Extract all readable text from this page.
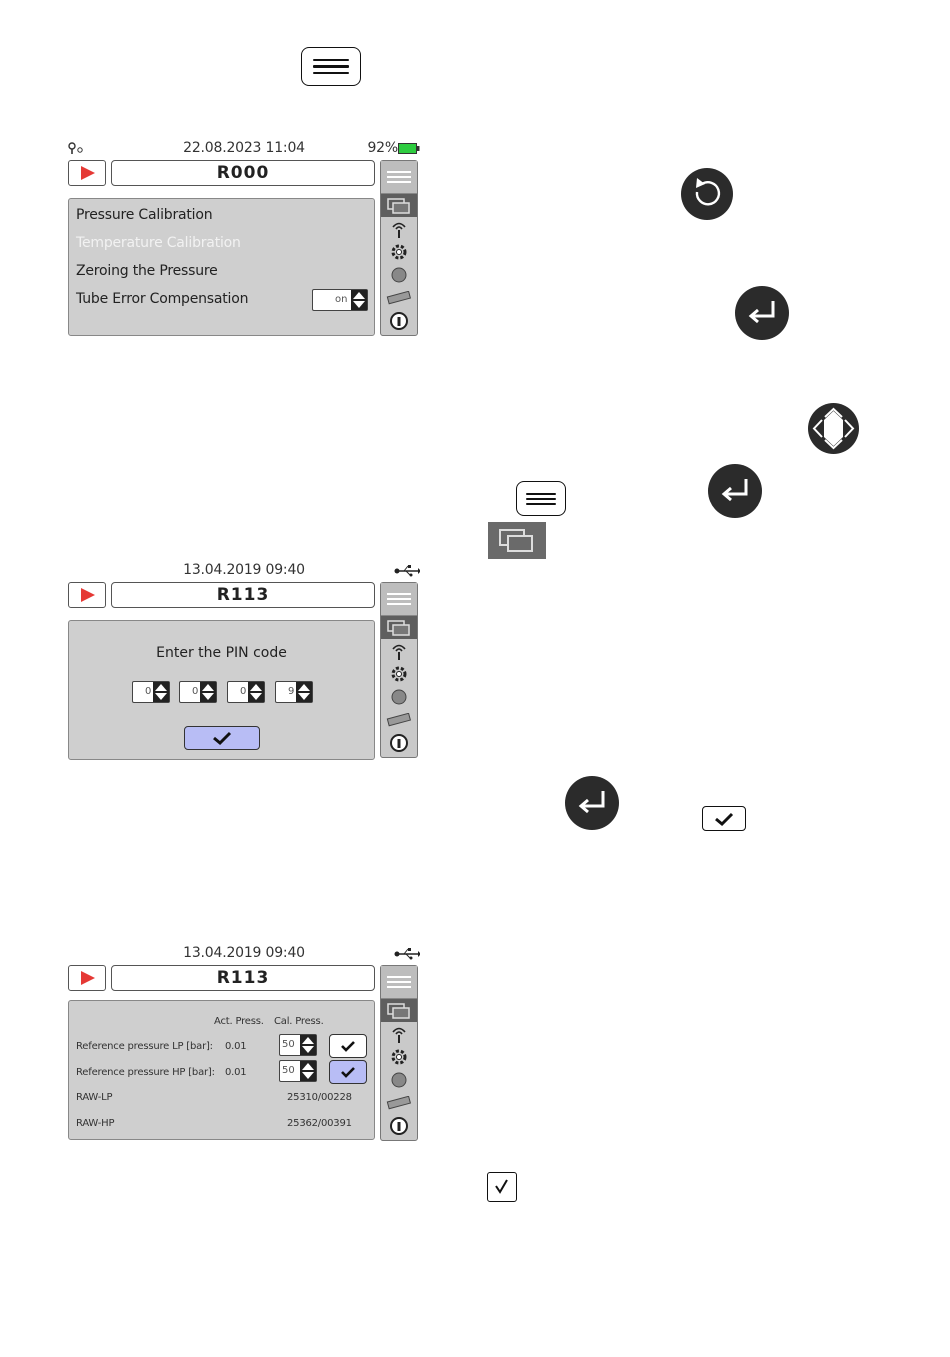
22.08.2023 11:04	92%
R000
Pressure Calibration
Temperature Calibration
Zeroing the Pressure
Tube Error Compensation	on
13.04.2019 09:40
R113
Enter the PIN code
0	0	0	9
13.04.2019 09:40
R113
Act. Press. Cal. Press.
Reference pressure LP [bar]: 0.01	50
Reference pressure HP [bar]: 0.01	50
RAW-LP	25310/00228
RAW-HP	25362/00391
